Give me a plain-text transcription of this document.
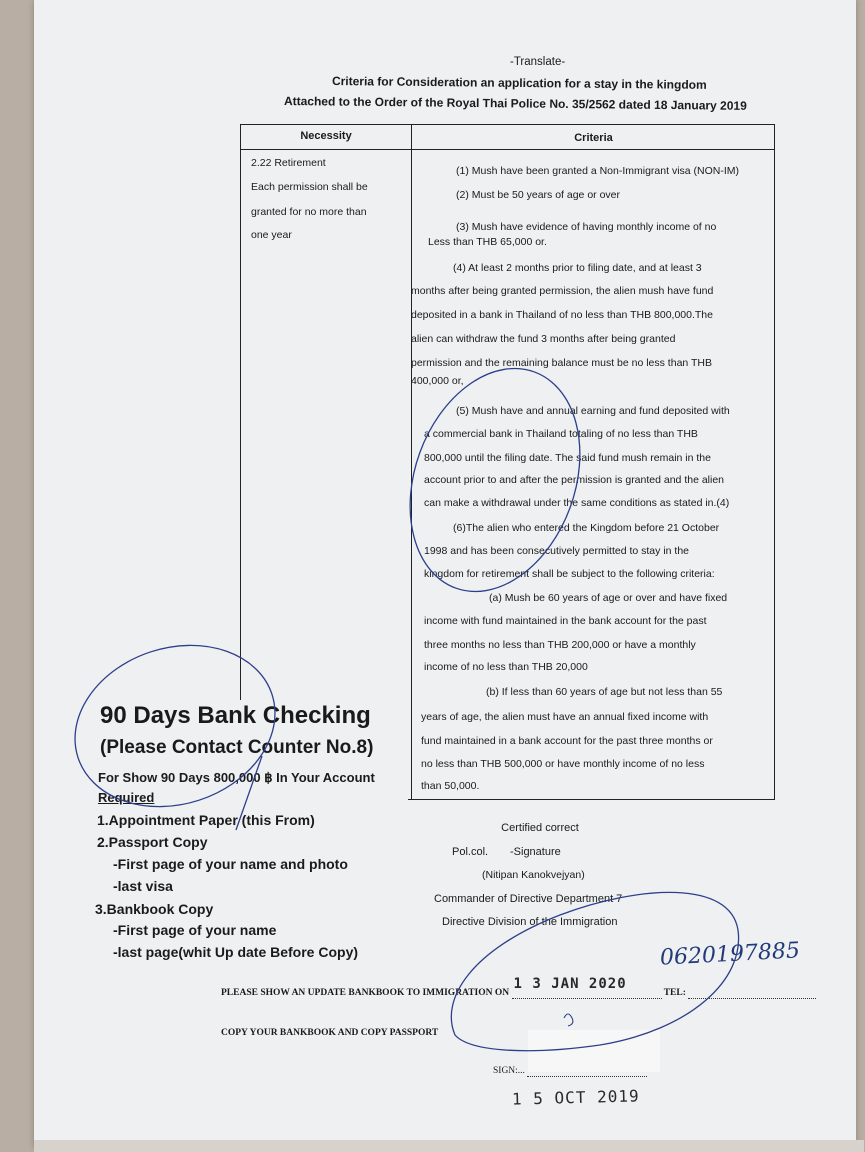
-Translate-
Criteria for Consideration an application for a stay in the kingdom
Attached to the Order of the Royal Thai Police No. 35/2562 dated 18 January 2019
Necessity	Criteria
2.22 Retirement
Each permission shall be
granted for no more than
one year
(1) Mush have been granted a Non-Immigrant visa (NON-IM)
(2) Must be 50 years of age or over
(3) Mush have evidence of having monthly income of no
Less than THB 65,000 or.
(4) At least 2 months prior to filing date, and at least 3
months after being granted permission, the alien mush have fund
deposited in a bank in Thailand of no less than THB 800,000.The
alien can withdraw the fund 3 months after being granted
permission and the remaining balance must be no less than THB
400,000 or,
(5) Mush have and annual earning and fund deposited with
a commercial bank in Thailand totaling of no less than THB
800,000 until the filing date. The said fund mush remain in the
account prior to and after the permission is granted and the alien
can make a withdrawal under the same conditions as stated in.(4)
(6)The alien who entered the Kingdom before 21 October
1998 and has been consecutively permitted to stay in the
kingdom for retirement shall be subject to the following criteria:
(a) Mush be 60 years of age or over and have fixed
income with fund maintained in the bank account for the past
three months no less than THB 200,000 or have a monthly
income of no less than THB 20,000
(b) If less than 60 years of age but not less than 55
years of age, the alien must have an annual fixed income with
fund maintained in a bank account for the past three months or
no less than THB 500,000 or have monthly income of no less
than 50,000.
90 Days Bank Checking
(Please Contact Counter No.8)
For Show 90 Days 800,000 ฿ In Your Account
Required
1.Appointment Paper (this From)
2.Passport Copy
-First page of your name and photo
-last visa
3.Bankbook Copy
-First page of your name
-last page(whit Up date Before Copy)
Certified correct
Pol.col. -Signature
(Nitipan Kanokvejyan)
Commander of Directive Department 7
Directive Division of the Immigration
PLEASE SHOW AN UPDATE BANKBOOK TO IMMIGRATION ON
1 3 JAN 2020
TEL:
0620197885
COPY YOUR BANKBOOK AND COPY PASSPORT
SIGN:...
1 5 OCT 2019
